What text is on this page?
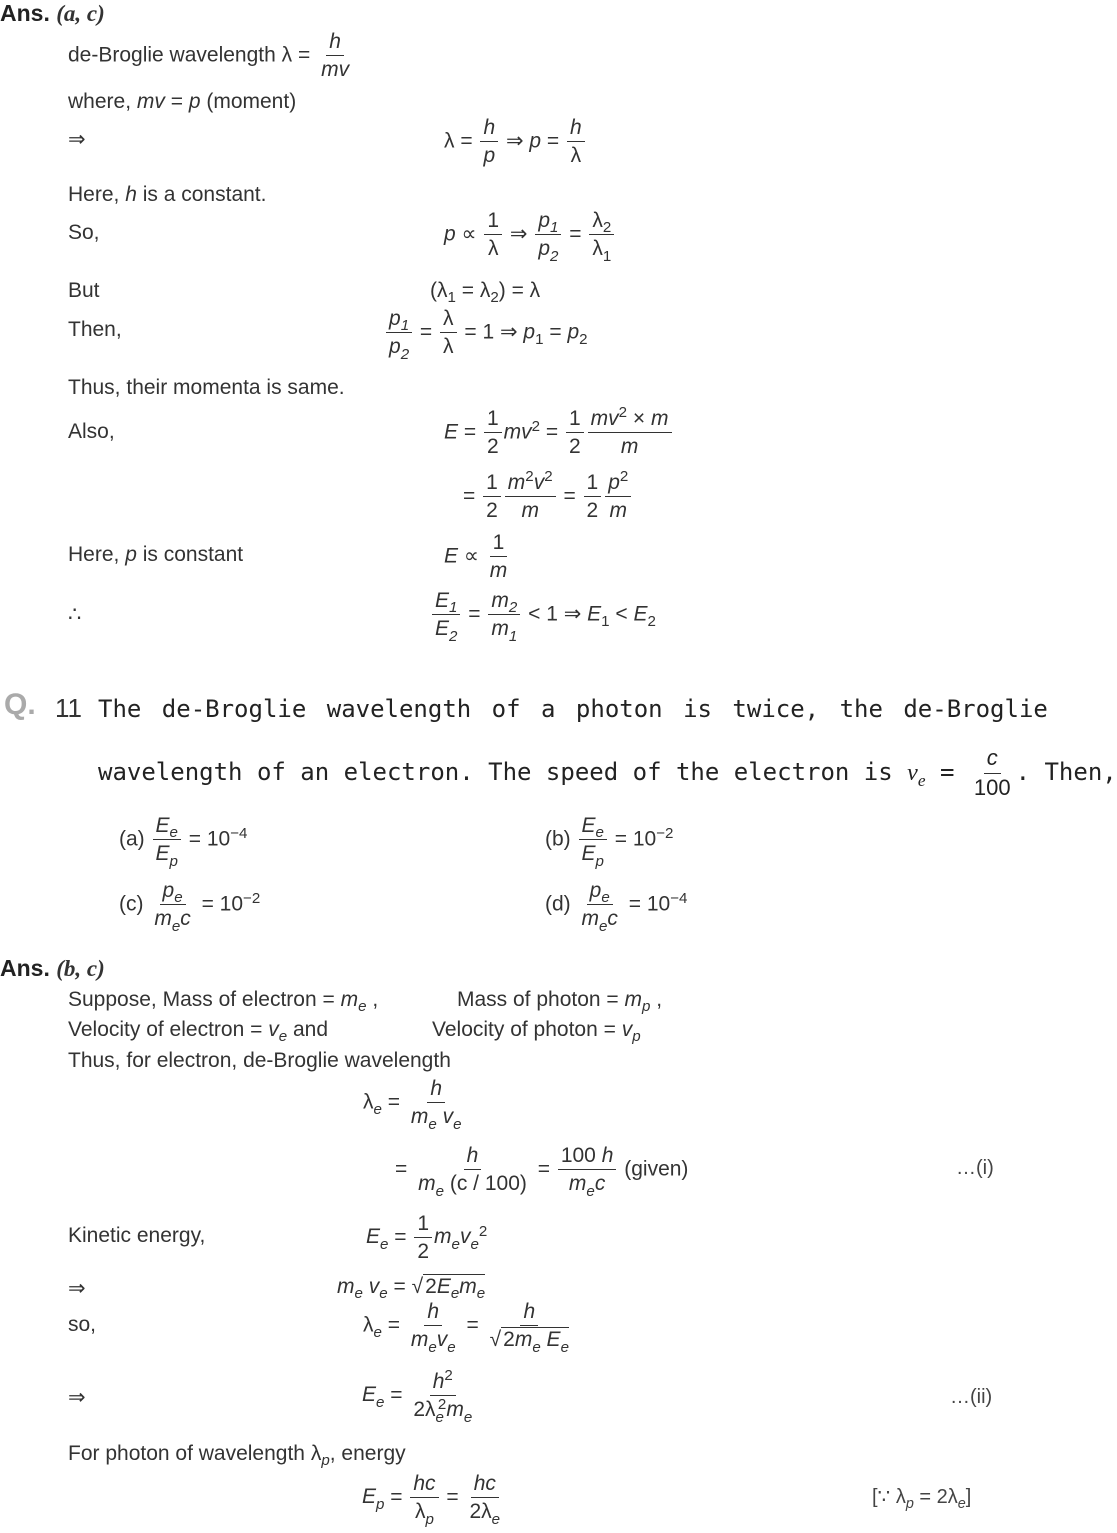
Ans. (a, c)
de-Broglie wavelength $\lambda = \frac{h}{mv}$
where, mv = p (moment)
⇒	$\lambda = \frac{h}{p}$ ⇒ $p = \frac{h}{\lambda}$
Here, h is a constant.
So,	$p \propto \frac{1}{\lambda}$ ⇒ $\frac{p_1}{p_2} = \frac{\lambda_2}{\lambda_1}$
But	$(\lambda_1 = \lambda_2) = \lambda$
Then,	$\frac{p_1}{p_2} = \frac{\lambda}{\lambda} = 1$ ⇒ $p_1 = p_2$
Thus, their momenta is same.
Also,	$E = \frac{1}{2} mv^2 = \frac{1}{2} \frac{mv^2 \times m}{m}$
= $\frac{1}{2} \frac{m^2v^2}{m} = \frac{1}{2} \frac{p^2}{m}$
Here, p is constant	$E \propto \frac{1}{m}$
∴	$\frac{E_1}{E_2} = \frac{m_2}{m_1} < 1$ ⇒ $E_1 < E_2$
Q. 11 The de-Broglie wavelength of a photon is twice, the de-Broglie
wavelength of an electron. The speed of the electron is $v_e = \frac{c}{100}$ . Then,
$(a) \frac{E_e}{E_p} = 10^{-4}$	$(b) \frac{E_e}{E_p} = 10^{-2}$
$(c) \frac{p_e}{m_ec} = 10^{-2}$	$(d) \frac{p_e}{m_ec} = 10^{-4}$
Ans. (b, c)
Suppose, Mass of electron = $m_e$ ,	Mass of photon = $m_p$ ,
Velocity of electron = $v_e$ and	Velocity of photon = $v_p$
Thus, for electron, de-Broglie wavelength
$\lambda_e = \frac{h}{m_e v_e}$
= $\frac{h}{m_e (c / 100)} = \frac{100 h}{m_ec}$ (given)	…(i)
Kinetic energy,	$E_e = \frac{1}{2} m_ev_e^2$
⇒	$m_e$ $v_e = √2E_em_e$
so,	$\lambda_e = \frac{h}{m_ev_e} = \frac{h}{√2m_e E_e}$
⇒	$E_e = \frac{h^2}{2\lambda_e^2m_e}$	…(ii)
For photon of wavelength $\lambda_p$, energy
$E_p = \frac{hc}{\lambda_p} = \frac{hc}{2\lambda_e}$	[∵ $\lambda_p = 2\lambda_e$]
